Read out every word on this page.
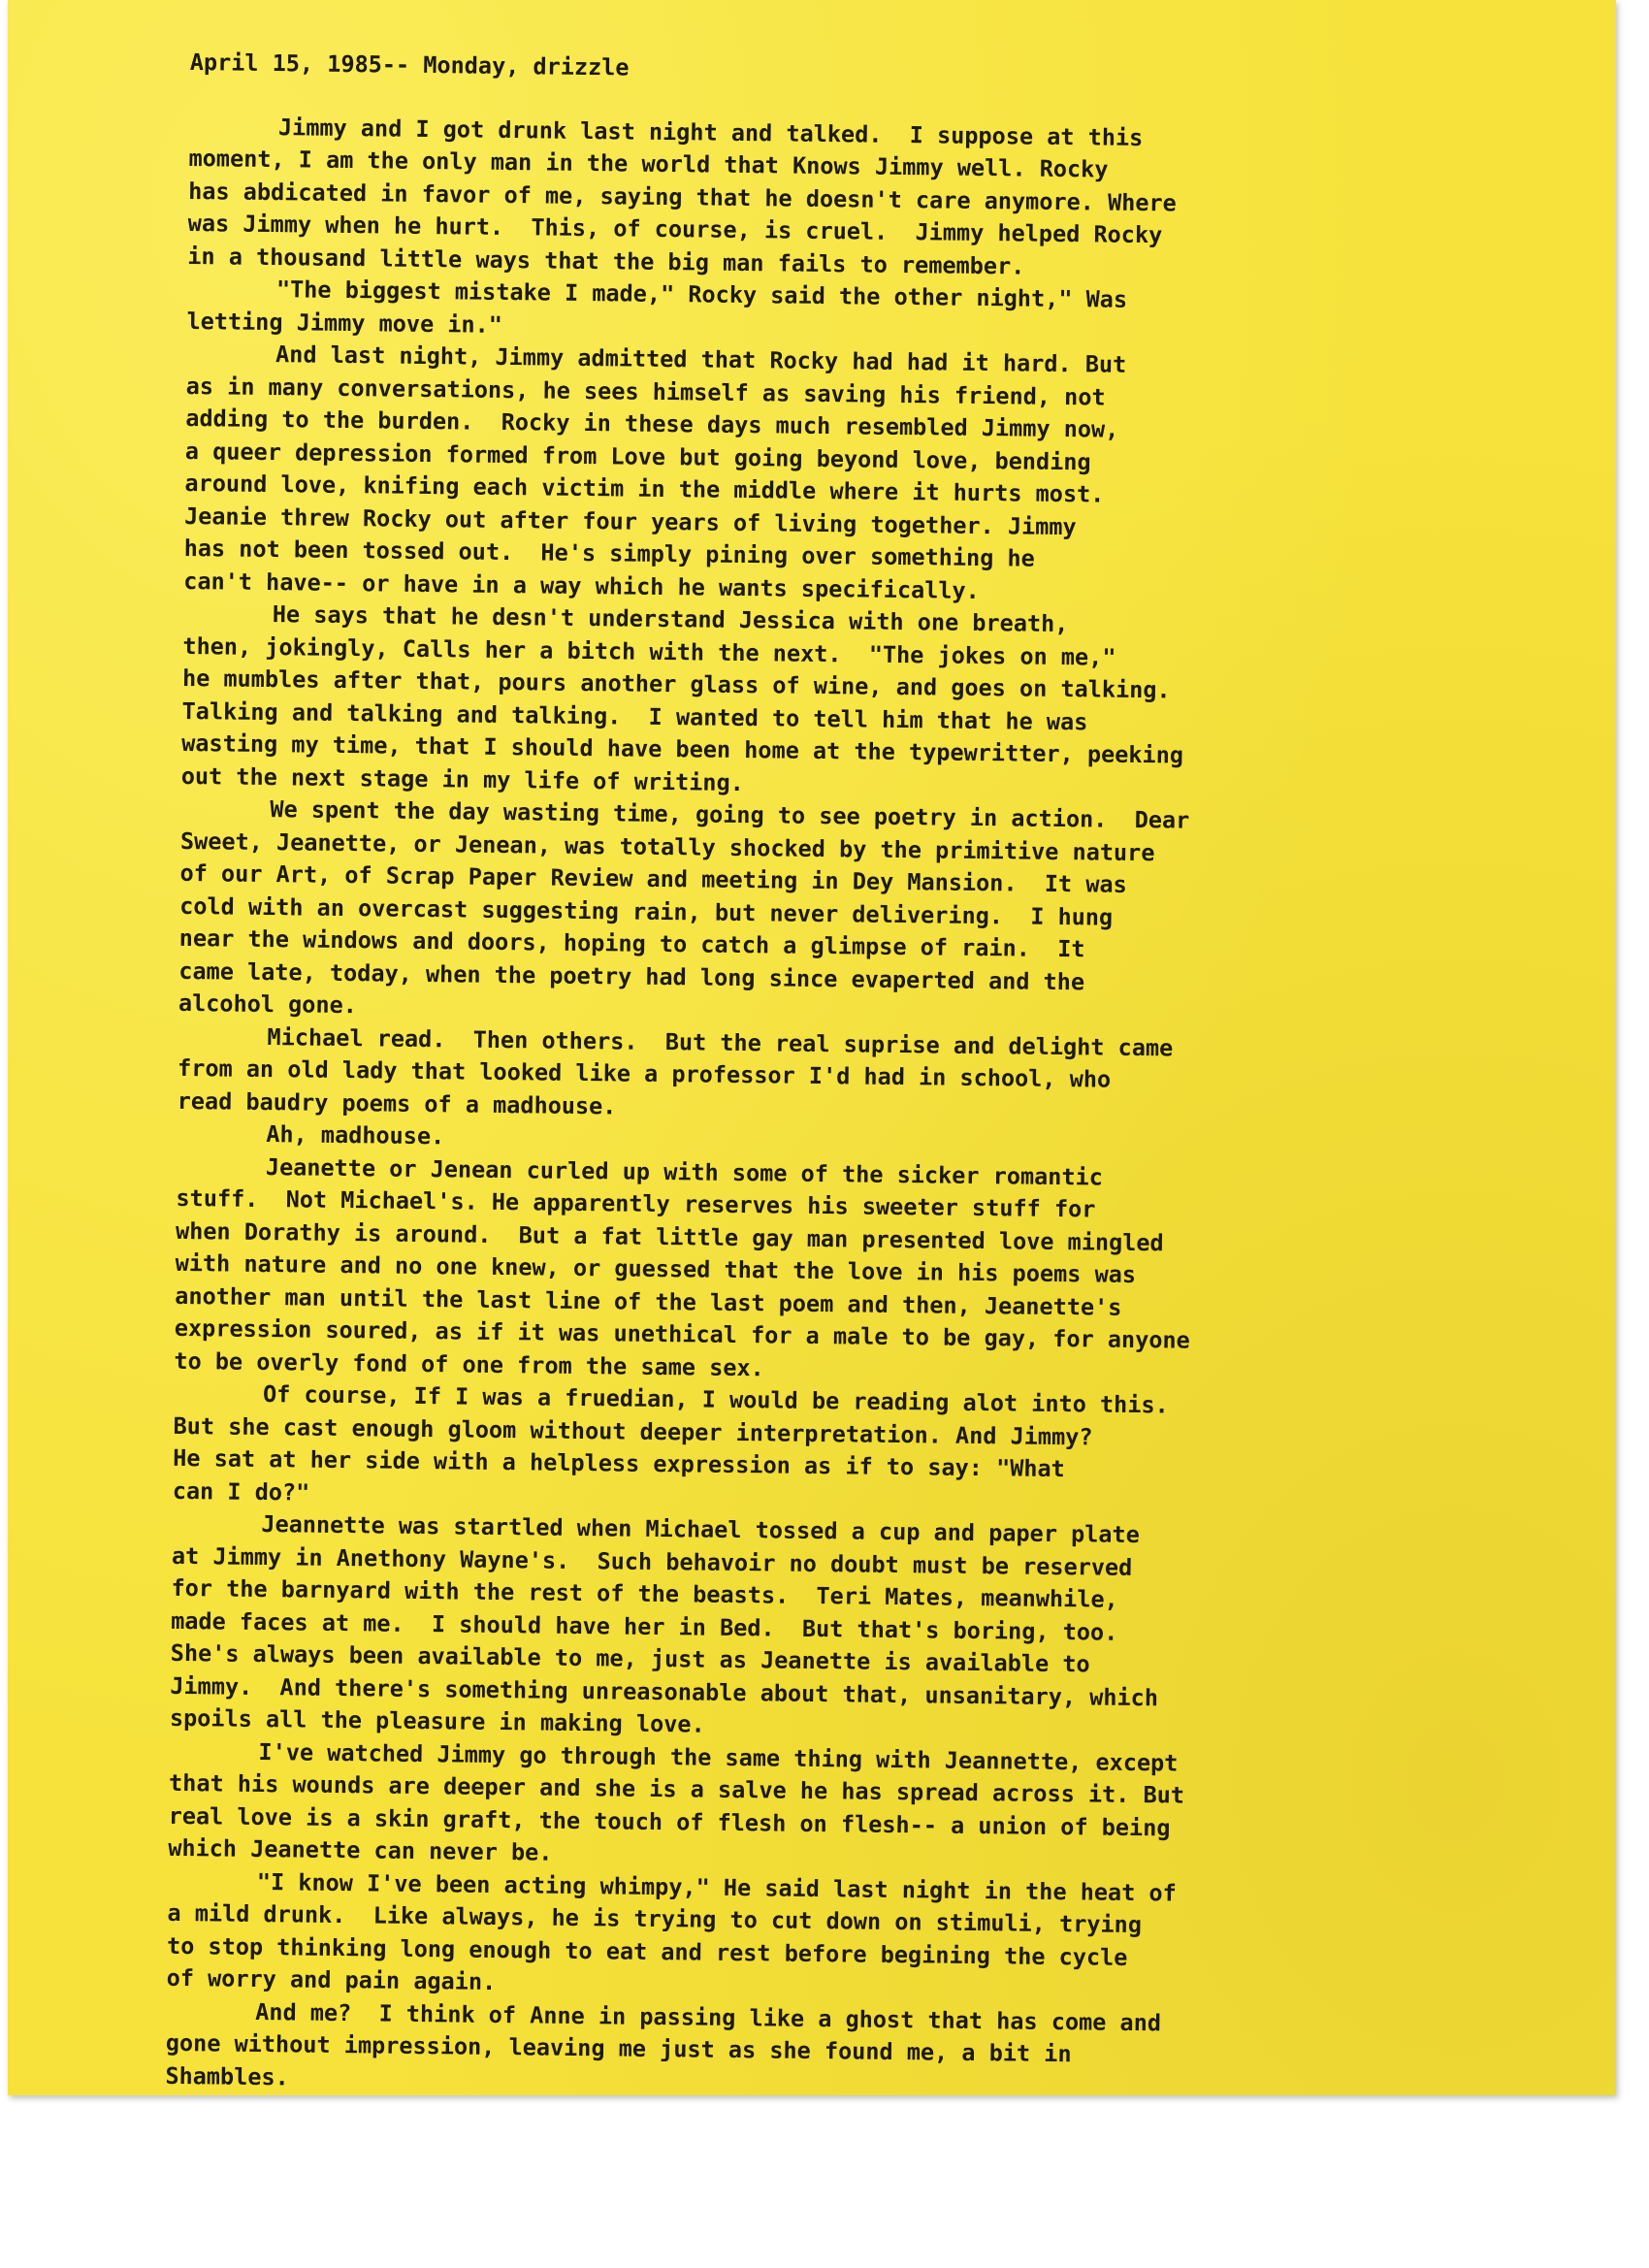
April 15, 1985-- Monday, drizzle
Jimmy and I got drunk last night and talked.  I suppose at this
moment, I am the only man in the world that Knows Jimmy well. Rocky
has abdicated in favor of me, saying that he doesn't care anymore. Where
was Jimmy when he hurt.  This, of course, is cruel.  Jimmy helped Rocky
in a thousand little ways that the big man fails to remember.
"The biggest mistake I made," Rocky said the other night," Was
letting Jimmy move in."
And last night, Jimmy admitted that Rocky had had it hard. But
as in many conversations, he sees himself as saving his friend, not
adding to the burden.  Rocky in these days much resembled Jimmy now,
a queer depression formed from Love but going beyond love, bending
around love, knifing each victim in the middle where it hurts most.
Jeanie threw Rocky out after four years of living together. Jimmy
has not been tossed out.  He's simply pining over something he
can't have-- or have in a way which he wants specifically.
He says that he desn't understand Jessica with one breath,
then, jokingly, Calls her a bitch with the next.  "The jokes on me,"
he mumbles after that, pours another glass of wine, and goes on talking.
Talking and talking and talking.  I wanted to tell him that he was
wasting my time, that I should have been home at the typewritter, peeking
out the next stage in my life of writing.
We spent the day wasting time, going to see poetry in action.  Dear
Sweet, Jeanette, or Jenean, was totally shocked by the primitive nature
of our Art, of Scrap Paper Review and meeting in Dey Mansion.  It was
cold with an overcast suggesting rain, but never delivering.  I hung
near the windows and doors, hoping to catch a glimpse of rain.  It
came late, today, when the poetry had long since evaperted and the
alcohol gone.
Michael read.  Then others.  But the real suprise and delight came
from an old lady that looked like a professor I'd had in school, who
read baudry poems of a madhouse.
Ah, madhouse.
Jeanette or Jenean curled up with some of the sicker romantic
stuff.  Not Michael's. He apparently reserves his sweeter stuff for
when Dorathy is around.  But a fat little gay man presented love mingled
with nature and no one knew, or guessed that the love in his poems was
another man until the last line of the last poem and then, Jeanette's
expression soured, as if it was unethical for a male to be gay, for anyone
to be overly fond of one from the same sex.
Of course, If I was a fruedian, I would be reading alot into this.
But she cast enough gloom without deeper interpretation. And Jimmy?
He sat at her side with a helpless expression as if to say: "What
can I do?"
Jeannette was startled when Michael tossed a cup and paper plate
at Jimmy in Anethony Wayne's.  Such behavoir no doubt must be reserved
for the barnyard with the rest of the beasts.  Teri Mates, meanwhile,
made faces at me.  I should have her in Bed.  But that's boring, too.
She's always been available to me, just as Jeanette is available to
Jimmy.  And there's something unreasonable about that, unsanitary, which
spoils all the pleasure in making love.
I've watched Jimmy go through the same thing with Jeannette, except
that his wounds are deeper and she is a salve he has spread across it. But
real love is a skin graft, the touch of flesh on flesh-- a union of being
which Jeanette can never be.
"I know I've been acting whimpy," He said last night in the heat of
a mild drunk.  Like always, he is trying to cut down on stimuli, trying
to stop thinking long enough to eat and rest before begining the cycle
of worry and pain again.
And me?  I think of Anne in passing like a ghost that has come and
gone without impression, leaving me just as she found me, a bit in
Shambles.
